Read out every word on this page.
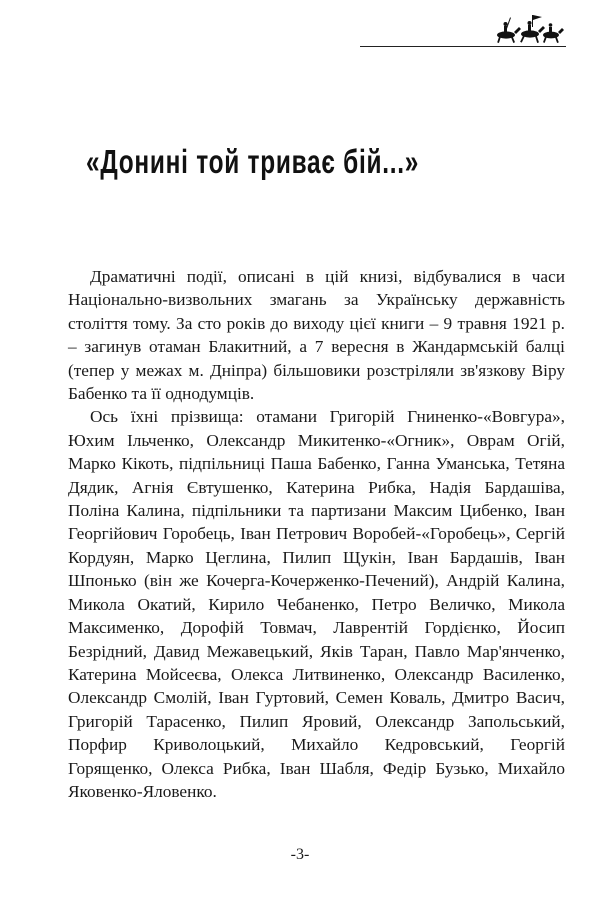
«Донині той триває бій...»

Драматичні події, описані в цій книзі, відбувалися в часи Національно-визвольних змагань за Українську державність століття тому. За сто років до виходу цієї книги – 9 травня 1921 р. – загинув отаман Блакитний, а 7 вересня в Жандармській балці (тепер у межах м. Дніпра) більшовики розстріляли зв'язкову Віру Бабенко та її однодумців.

Ось їхні прізвища: отамани Григорій Гниненко-«Вовгура», Юхим Ільченко, Олександр Микитенко-«Огник», Оврам Огій, Марко Кікоть, підпільниці Паша Бабенко, Ганна Уманська, Тетяна Дядик, Агнія Євтушенко, Катерина Рибка, Надія Бардашіва, Поліна Калина, підпільники та партизани Максим Цибенко, Іван Георгійович Горобець, Іван Петрович Воробей-«Горобець», Сергій Кордуян, Марко Цеглина, Пилип Щукін, Іван Бардашів, Іван Шпонько (він же Кочерга-Кочерженко-Печений), Андрій Калина, Микола Окатий, Кирило Чебаненко, Петро Величко, Микола Максименко, Дорофій Товмач, Лаврентій Гордієнко, Йосип Безрідний, Давид Межавецький, Яків Таран, Павло Мар'янченко, Катерина Мойсеєва, Олекса Литвиненко, Олександр Василенко, Олександр Смолій, Іван Гуртовий, Семен Коваль, Дмитро Васич, Григорій Тарасенко, Пилип Яровий, Олександр Запольський, Порфир Криволоцький, Михайло Кедровський, Георгій Горященко, Олекса Рибка, Іван Шабля, Федір Бузько, Михайло Яковенко-Яловенко.

-3-
